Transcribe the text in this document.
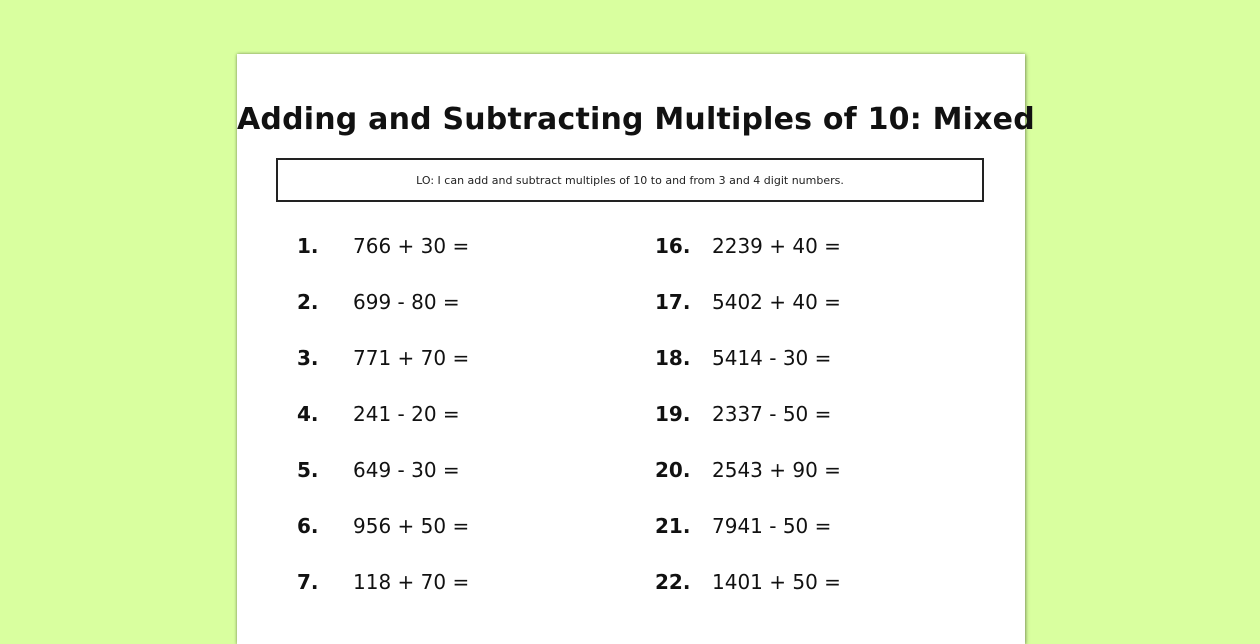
Adding and Subtracting Multiples of 10: Mixed
LO: I can add and subtract multiples of 10 to and from 3 and 4 digit numbers.
1. 766 + 30 =
2. 699 - 80 =
3. 771 + 70 =
4. 241 - 20 =
5. 649 - 30 =
6. 956 + 50 =
7. 118 + 70 =
16. 2239 + 40 =
17. 5402 + 40 =
18. 5414 - 30 =
19. 2337 - 50 =
20. 2543 + 90 =
21. 7941 - 50 =
22. 1401 + 50 =
